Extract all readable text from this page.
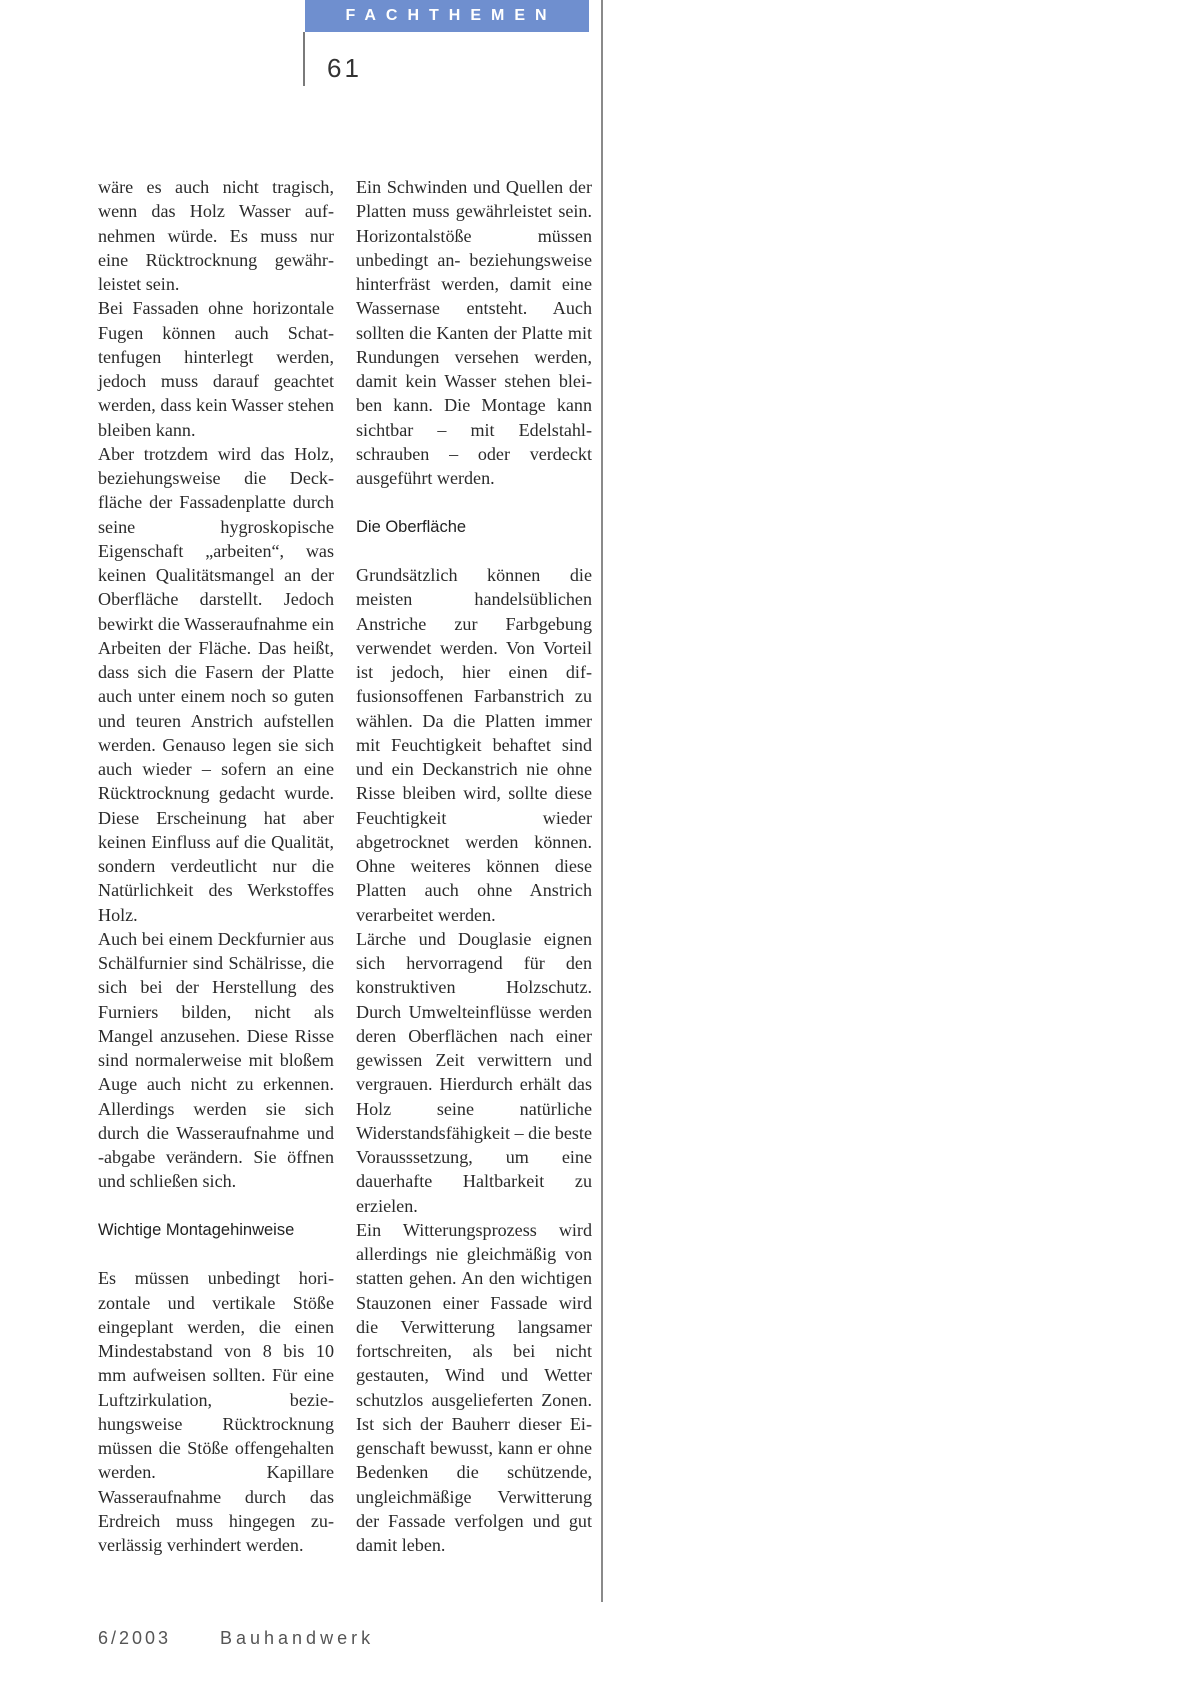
FACHTHEMEN
61

wäre es auch nicht tragisch, wenn das Holz Wasser aufnehmen würde. Es muss nur eine Rücktrocknung gewährleistet sein.

Bei Fassaden ohne horizontale Fugen können auch Schattenfugen hinterlegt werden, jedoch muss darauf geachtet werden, dass kein Wasser stehen bleiben kann.

Aber trotzdem wird das Holz, beziehungsweise die Deckfläche der Fassadenplatte durch seine hygroskopische Eigenschaft „arbeiten“, was keinen Qualitätsmangel an der Oberfläche darstellt. Jedoch bewirkt die Wasseraufnahme ein Arbeiten der Fläche. Das heißt, dass sich die Fasern der Platte auch unter einem noch so guten und teuren Anstrich aufstellen werden. Genauso legen sie sich auch wieder – sofern an eine Rücktrocknung gedacht wurde. Diese Erscheinung hat aber keinen Einfluss auf die Qualität, sondern verdeutlicht nur die Natürlichkeit des Werkstoffes Holz.

Auch bei einem Deckfurnier aus Schälfurnier sind Schälrisse, die sich bei der Herstellung des Furniers bilden, nicht als Mangel anzusehen. Diese Risse sind normalerweise mit bloßem Auge auch nicht zu erkennen. Allerdings werden sie sich durch die Wasseraufnahme und -abgabe verändern. Sie öffnen und schließen sich.

Wichtige Montagehinweise

Es müssen unbedingt horizontale und vertikale Stöße eingeplant werden, die einen Mindestabstand von 8 bis 10 mm aufweisen sollten. Für eine Luftzirkulation, beziehungsweise Rücktrocknung müssen die Stöße offengehalten werden. Kapillare Wasseraufnahme durch das Erdreich muss hingegen zuverlässig verhindert werden.

Ein Schwinden und Quellen der Platten muss gewährleistet sein. Horizontalstöße müssen unbedingt an- beziehungsweise hinterfräst werden, damit eine Wassernase entsteht. Auch sollten die Kanten der Platte mit Rundungen versehen werden, damit kein Wasser stehen bleiben kann. Die Montage kann sichtbar – mit Edelstahlschrauben – oder verdeckt ausgeführt werden.

Die Oberfläche

Grundsätzlich können die meisten handelsüblichen Anstriche zur Farbgebung verwendet werden. Von Vorteil ist jedoch, hier einen diffusionsoffenen Farbanstrich zu wählen. Da die Platten immer mit Feuchtigkeit behaftet sind und ein Deckanstrich nie ohne Risse bleiben wird, sollte diese Feuchtigkeit wieder abgetrocknet werden können. Ohne weiteres können diese Platten auch ohne Anstrich verarbeitet werden.

Lärche und Douglasie eignen sich hervorragend für den konstruktiven Holzschutz. Durch Umwelteinflüsse werden deren Oberflächen nach einer gewissen Zeit verwittern und vergrauen. Hierdurch erhält das Holz seine natürliche Widerstandsfähigkeit – die beste Vorausssetzung, um eine dauerhafte Haltbarkeit zu erzielen.

Ein Witterungsprozess wird allerdings nie gleichmäßig von statten gehen. An den wichtigen Stauzonen einer Fassade wird die Verwitterung langsamer fortschreiten, als bei nicht gestauten, Wind und Wetter schutzlos ausgelieferten Zonen. Ist sich der Bauherr dieser Eigenschaft bewusst, kann er ohne Bedenken die schützende, ungleichmäßige Verwitterung der Fassade verfolgen und gut damit leben.

6/2003	Bauhandwerk
